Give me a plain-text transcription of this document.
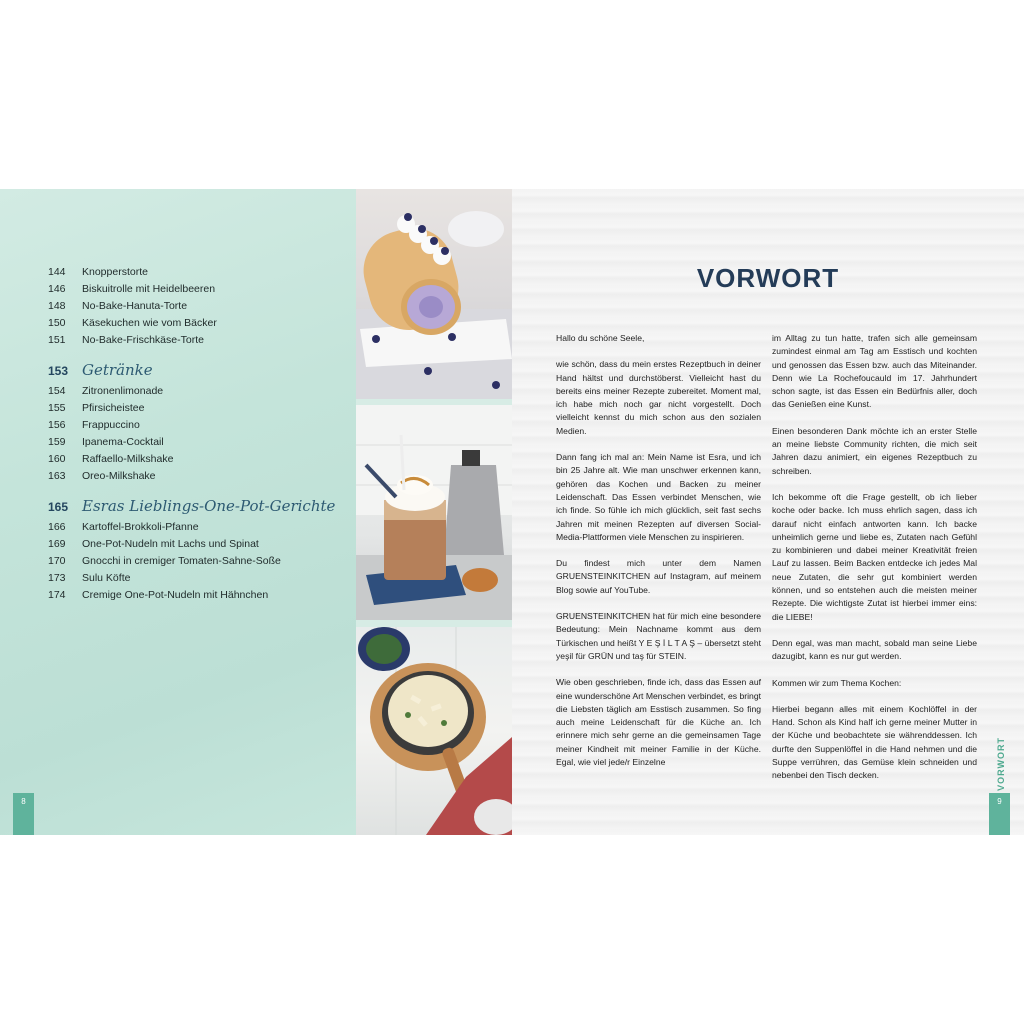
144	Knopperstorte
146	Biskuitrolle mit Heidelbeeren
148	No-Bake-Hanuta-Torte
150	Käsekuchen wie vom Bäcker
151	No-Bake-Frischkäse-Torte
153 Getränke
154	Zitronenlimonade
155	Pfirsicheistee
156	Frappuccino
159	Ipanema-Cocktail
160	Raffaello-Milkshake
163	Oreo-Milkshake
165 Esras Lieblings-One-Pot-Gerichte
166	Kartoffel-Brokkoli-Pfanne
169	One-Pot-Nudeln mit Lachs und Spinat
170	Gnocchi in cremiger Tomaten-Sahne-Soße
173	Sulu Köfte
174	Cremige One-Pot-Nudeln mit Hähnchen
8
VORWORT

Hallo du schöne Seele,

wie schön, dass du mein erstes Rezeptbuch in deiner Hand hältst und durchstöberst. Vielleicht hast du bereits eins meiner Rezepte zubereitet. Moment mal, ich habe mich noch gar nicht vorgestellt. Doch vielleicht kennst du mich schon aus den sozialen Medien.

Dann fang ich mal an: Mein Name ist Esra, und ich bin 25 Jahre alt. Wie man unschwer erkennen kann, gehören das Kochen und Backen zu meiner Leidenschaft. Das Essen verbindet Menschen, wie ich finde. So fühle ich mich glücklich, seit fast sechs Jahren mit meinen Rezepten auf diversen Social-Media-Plattformen viele Menschen zu inspirieren.

Du findest mich unter dem Namen GRUENSTEINKITCHEN auf Instagram, auf meinem Blog sowie auf YouTube.

GRUENSTEINKITCHEN hat für mich eine besondere Bedeutung: Mein Nachname kommt aus dem Türkischen und heißt Y E Ş İ L T A Ş – übersetzt steht yeşil für GRÜN und taş für STEIN.

Wie oben geschrieben, finde ich, dass das Essen auf eine wunderschöne Art Menschen verbindet, es bringt die Liebsten täglich am Esstisch zusammen. So fing auch meine Leidenschaft für die Küche an. Ich erinnere mich sehr gerne an die gemeinsamen Tage meiner Kindheit mit meiner Familie in der Küche. Egal, wie viel jede/r Einzelne

im Alltag zu tun hatte, trafen sich alle gemeinsam zumindest einmal am Tag am Esstisch und kochten und genossen das Essen bzw. auch das Miteinander. Denn wie La Rochefoucauld im 17. Jahrhundert schon sagte, ist das Essen ein Bedürfnis aller, doch das Genießen eine Kunst.

Einen besonderen Dank möchte ich an erster Stelle an meine liebste Community richten, die mich seit Jahren dazu animiert, ein eigenes Rezeptbuch zu schreiben.

Ich bekomme oft die Frage gestellt, ob ich lieber koche oder backe. Ich muss ehrlich sagen, dass ich darauf nicht einfach antworten kann. Ich backe unheimlich gerne und liebe es, Zutaten nach Gefühl zu kombinieren und dabei meiner Kreativität freien Lauf zu lassen. Beim Backen entdecke ich jedes Mal neue Zutaten, die sehr gut kombiniert werden können, und so entstehen auch die meisten meiner Rezepte. Die wichtigste Zutat ist hierbei immer eins: die LIEBE!

Denn egal, was man macht, sobald man seine Liebe dazugibt, kann es nur gut werden.

Kommen wir zum Thema Kochen:

Hierbei begann alles mit einem Kochlöffel in der Hand. Schon als Kind half ich gerne meiner Mutter in der Küche und beobachtete sie währenddessen. Ich durfte den Suppenlöffel in die Hand nehmen und die Suppe verrühren, das Gemüse klein schneiden und nebenbei den Tisch decken.	VORWORT
9
